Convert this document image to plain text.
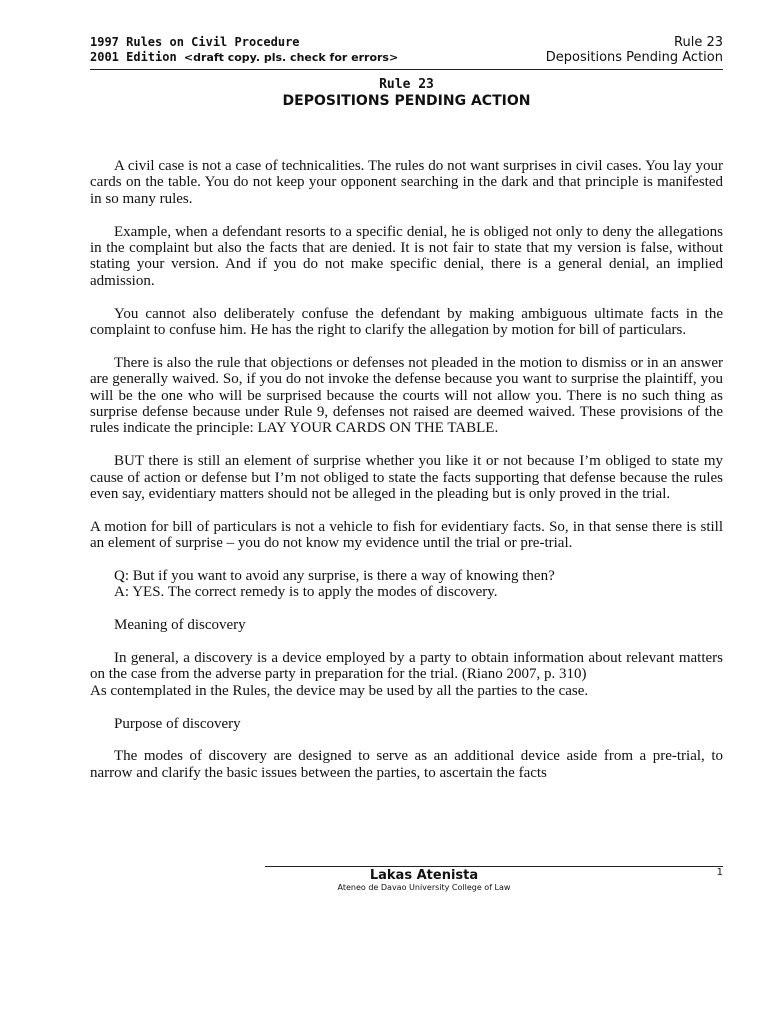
1997 Rules on Civil Procedure
2001 Edition <draft copy. pls. check for errors>
Rule 23
Depositions Pending Action
Rule 23
DEPOSITIONS PENDING ACTION

A civil case is not a case of technicalities. The rules do not want surprises in civil cases. You lay your cards on the table. You do not keep your opponent searching in the dark and that principle is manifested in so many rules.

Example, when a defendant resorts to a specific denial, he is obliged not only to deny the allegations in the complaint but also the facts that are denied. It is not fair to state that my version is false, without stating your version. And if you do not make specific denial, there is a general denial, an implied admission.

You cannot also deliberately confuse the defendant by making ambiguous ultimate facts in the complaint to confuse him. He has the right to clarify the allegation by motion for bill of particulars.

There is also the rule that objections or defenses not pleaded in the motion to dismiss or in an answer are generally waived. So, if you do not invoke the defense because you want to surprise the plaintiff, you will be the one who will be surprised because the courts will not allow you. There is no such thing as surprise defense because under Rule 9, defenses not raised are deemed waived. These provisions of the rules indicate the principle: LAY YOUR CARDS ON THE TABLE.

BUT there is still an element of surprise whether you like it or not because I’m obliged to state my cause of action or defense but I’m not obliged to state the facts supporting that defense because the rules even say, evidentiary matters should not be alleged in the pleading but is only proved in the trial.

A motion for bill of particulars is not a vehicle to fish for evidentiary facts. So, in that sense there is still an element of surprise – you do not know my evidence until the trial or pre-trial.

Q: But if you want to avoid any surprise, is there a way of knowing then?

A: YES. The correct remedy is to apply the modes of discovery.

Meaning of discovery

In general, a discovery is a device employed by a party to obtain information about relevant matters on the case from the adverse party in preparation for the trial. (Riano 2007, p. 310)

As contemplated in the Rules, the device may be used by all the parties to the case.

Purpose of discovery

The modes of discovery are designed to serve as an additional device aside from a pre-trial, to narrow and clarify the basic issues between the parties, to ascertain the facts

Lakas Atenista
Ateneo de Davao University College of Law
1
